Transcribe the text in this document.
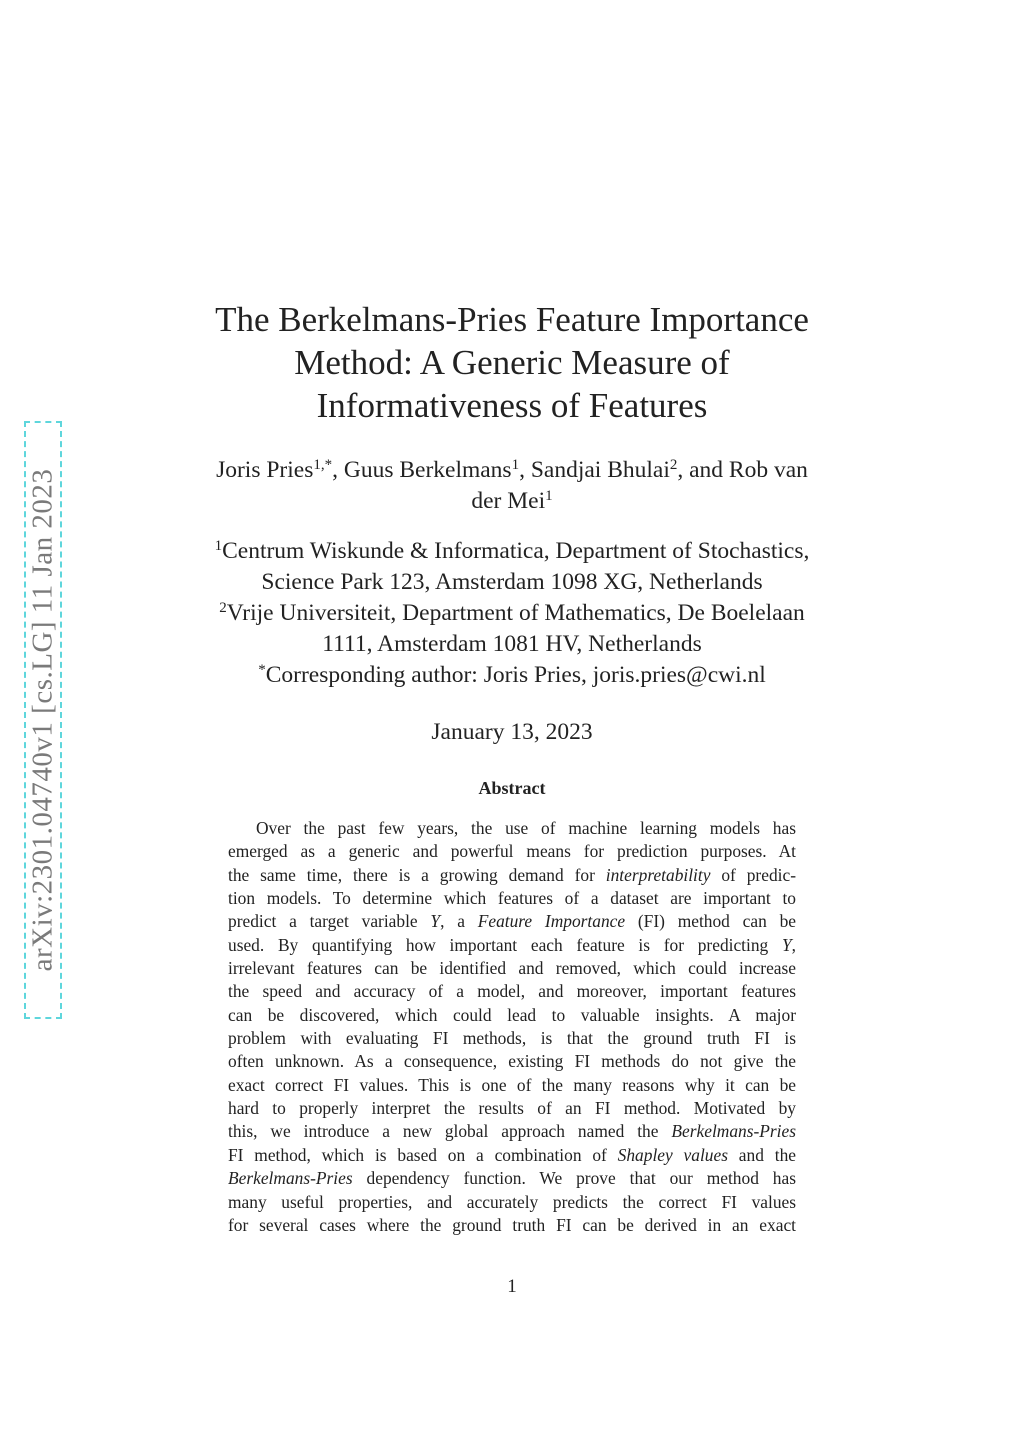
arXiv:2301.04740v1 [cs.LG] 11 Jan 2023
The Berkelmans-Pries Feature Importance
Method: A Generic Measure of
Informativeness of Features
Joris Pries$^{1,*}$, Guus Berkelmans$^1$, Sandjai Bhulai$^2$, and Rob van
der Mei$^1$
$^1$Centrum Wiskunde & Informatica, Department of Stochastics,
Science Park 123, Amsterdam 1098 XG, Netherlands
$^2$Vrije Universiteit, Department of Mathematics, De Boelelaan
1111, Amsterdam 1081 HV, Netherlands
*Corresponding author: Joris Pries, joris.pries@cwi.nl
January 13, 2023
Abstract
Over the past few years, the use of machine learning models has
emerged as a generic and powerful means for prediction purposes. At
the same time, there is a growing demand for interpretability of predic-
tion models. To determine which features of a dataset are important to
predict a target variable Y, a Feature Importance (FI) method can be
used. By quantifying how important each feature is for predicting Y,
irrelevant features can be identified and removed, which could increase
the speed and accuracy of a model, and moreover, important features
can be discovered, which could lead to valuable insights. A major
problem with evaluating FI methods, is that the ground truth FI is
often unknown. As a consequence, existing FI methods do not give the
exact correct FI values. This is one of the many reasons why it can be
hard to properly interpret the results of an FI method. Motivated by
this, we introduce a new global approach named the Berkelmans-Pries
FI method, which is based on a combination of Shapley values and the
Berkelmans-Pries dependency function. We prove that our method has
many useful properties, and accurately predicts the correct FI values
for several cases where the ground truth FI can be derived in an exact
1
